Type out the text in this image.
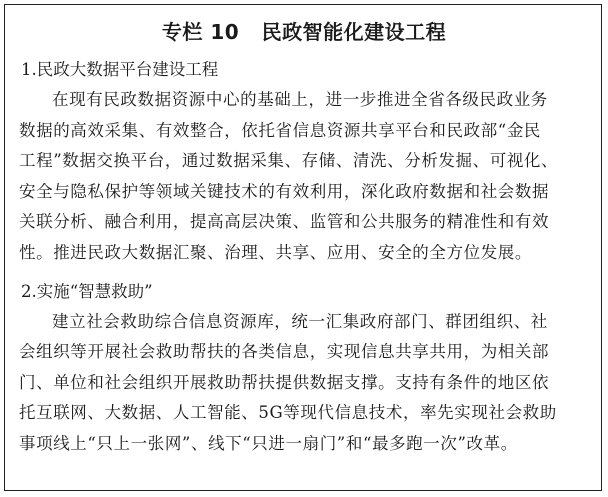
专栏 10   民政智能化建设工程
1.民政大数据平台建设工程
在现有民政数据资源中心的基础上，进一步推进全省各级民政业务
数据的高效采集、有效整合，依托省信息资源共享平台和民政部“金民
工程”数据交换平台，通过数据采集、存储、清洗、分析发掘、可视化、
安全与隐私保护等领域关键技术的有效利用，深化政府数据和社会数据
关联分析、融合利用，提高高层决策、监管和公共服务的精准性和有效
性。推进民政大数据汇聚、治理、共享、应用、安全的全方位发展。
2.实施“智慧救助”
建立社会救助综合信息资源库，统一汇集政府部门、群团组织、社
会组织等开展社会救助帮扶的各类信息，实现信息共享共用，为相关部
门、单位和社会组织开展救助帮扶提供数据支撑。支持有条件的地区依
托互联网、大数据、人工智能、5G等现代信息技术，率先实现社会救助
事项线上“只上一张网”、线下“只进一扇门”和“最多跑一次”改革。
